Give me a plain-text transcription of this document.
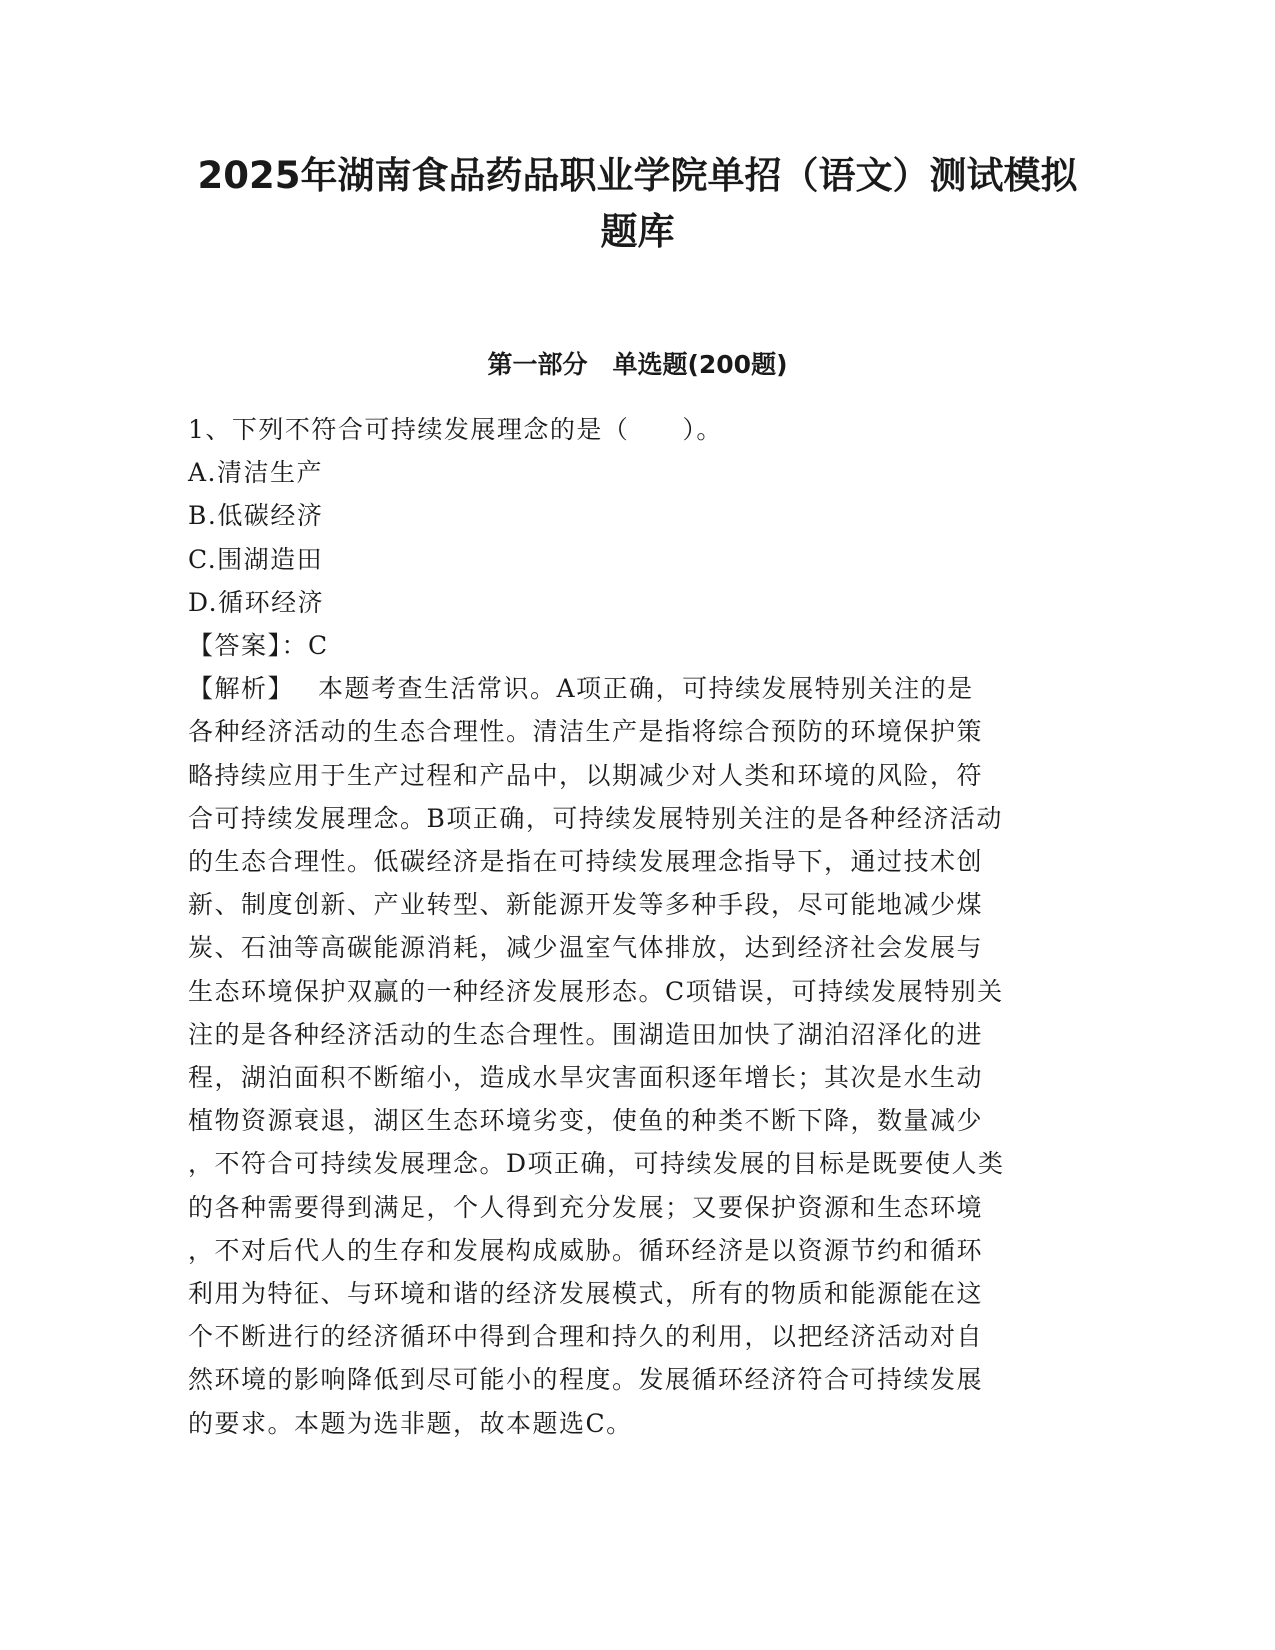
2025年湖南食品药品职业学院单招（语文）测试模拟
题库
第一部分　单选题(200题)
1、下列不符合可持续发展理念的是（　　）。
A.清洁生产
B.低碳经济
C.围湖造田
D.循环经济
【答案】：C
【解析】 本题考查生活常识。A项正确，可持续发展特别关注的是
各种经济活动的生态合理性。清洁生产是指将综合预防的环境保护策
略持续应用于生产过程和产品中，以期减少对人类和环境的风险，符
合可持续发展理念。B项正确，可持续发展特别关注的是各种经济活动
的生态合理性。低碳经济是指在可持续发展理念指导下，通过技术创
新、制度创新、产业转型、新能源开发等多种手段，尽可能地减少煤
炭、石油等高碳能源消耗，减少温室气体排放，达到经济社会发展与
生态环境保护双赢的一种经济发展形态。C项错误，可持续发展特别关
注的是各种经济活动的生态合理性。围湖造田加快了湖泊沼泽化的进
程，湖泊面积不断缩小，造成水旱灾害面积逐年增长；其次是水生动
植物资源衰退，湖区生态环境劣变，使鱼的种类不断下降，数量减少
，不符合可持续发展理念。D项正确，可持续发展的目标是既要使人类
的各种需要得到满足，个人得到充分发展；又要保护资源和生态环境
，不对后代人的生存和发展构成威胁。循环经济是以资源节约和循环
利用为特征、与环境和谐的经济发展模式，所有的物质和能源能在这
个不断进行的经济循环中得到合理和持久的利用，以把经济活动对自
然环境的影响降低到尽可能小的程度。发展循环经济符合可持续发展
的要求。本题为选非题，故本题选C。
